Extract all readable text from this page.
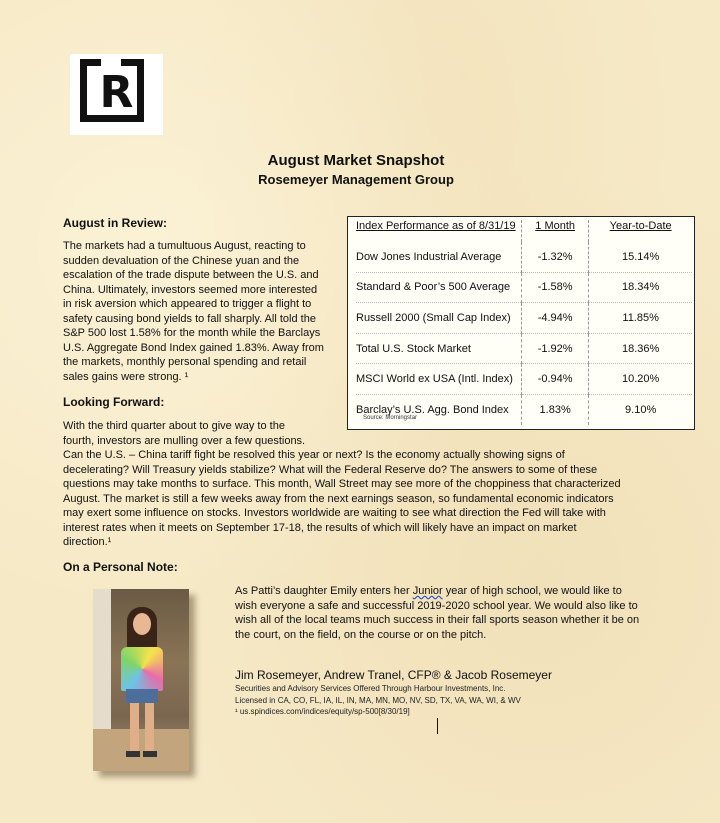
R
August Market Snapshot
Rosemeyer Management Group
August in Review:
The markets had a tumultuous August, reacting to
sudden devaluation of the Chinese yuan and the
escalation of the trade dispute between the U.S. and
China. Ultimately, investors seemed more interested
in risk aversion which appeared to trigger a flight to
safety causing bond yields to fall sharply. All told the
S&P 500 lost 1.58% for the month while the Barclays
U.S. Aggregate Bond Index gained 1.83%. Away from
the markets, monthly personal spending and retail
sales gains were strong. ¹
Index Performance as of 8/31/19	1 Month	Year-to-Date
Dow Jones Industrial Average	-1.32%	15.14%
Standard & Poor’s 500 Average	-1.58%	18.34%
Russell 2000 (Small Cap Index)	-4.94%	11.85%
Total U.S. Stock Market	-1.92%	18.36%
MSCI World ex USA (Intl. Index)	-0.94%	10.20%
Barclay’s U.S. Agg. Bond Index	1.83%	9.10%
Source: Morningstar
Looking Forward:
With the third quarter about to give way to the
fourth, investors are mulling over a few questions.
Can the U.S. – China tariff fight be resolved this year or next? Is the economy actually showing signs of
decelerating? Will Treasury yields stabilize? What will the Federal Reserve do? The answers to some of these
questions may take months to surface. This month, Wall Street may see more of the choppiness that characterized
August. The market is still a few weeks away from the next earnings season, so fundamental economic indicators
may exert some influence on stocks. Investors worldwide are waiting to see what direction the Fed will take with
interest rates when it meets on September 17-18, the results of which will likely have an impact on market
direction.¹
On a Personal Note:
As Patti’s daughter Emily enters her Junior year of high school, we would like to wish everyone a safe and successful 2019-2020 school year. We would also like to wish all of the local teams much success in their fall sports season whether it be on the court, on the field, on the course or on the pitch.
Jim Rosemeyer, Andrew Tranel, CFP® & Jacob Rosemeyer
Securities and Advisory Services Offered Through Harbour Investments, Inc.
Licensed in CA, CO, FL, IA, IL, IN, MA, MN, MO, NV, SD, TX, VA, WA, WI, & WV
¹ us.spindices.com/indices/equity/sp-500[8/30/19]
